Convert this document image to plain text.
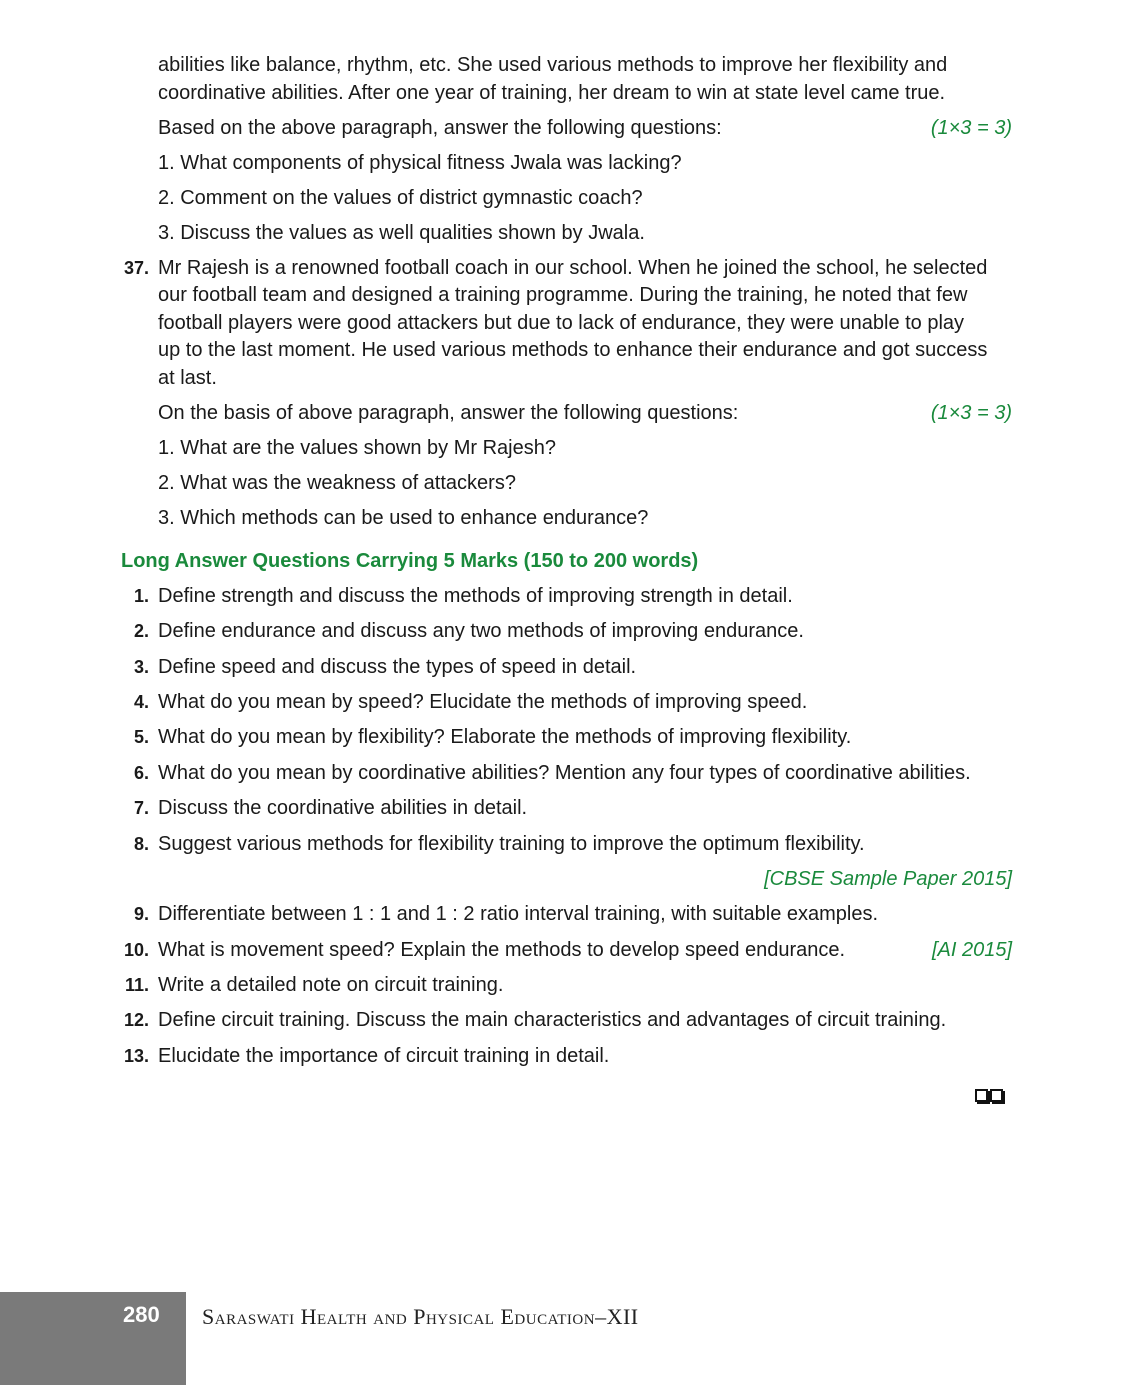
abilities like balance, rhythm, etc. She used various methods to improve her flexibility and
coordinative abilities. After one year of training, her dream to win at state level came true.
Based on the above paragraph, answer the following questions:	(1×3 = 3)
1. What components of physical fitness Jwala was lacking?
2. Comment on the values of district gymnastic coach?
3. Discuss the values as well qualities shown by Jwala.
37. Mr Rajesh is a renowned football coach in our school. When he joined the school, he selected
our football team and designed a training programme. During the training, he noted that few
football players were good attackers but due to lack of endurance, they were unable to play
up to the last moment. He used various methods to enhance their endurance and got success
at last.
On the basis of above paragraph, answer the following questions:	(1×3 = 3)
1. What are the values shown by Mr Rajesh?
2. What was the weakness of attackers?
3. Which methods can be used to enhance endurance?
Long Answer Questions Carrying 5 Marks (150 to 200 words)
1. Define strength and discuss the methods of improving strength in detail.
2. Define endurance and discuss any two methods of improving endurance.
3. Define speed and discuss the types of speed in detail.
4. What do you mean by speed? Elucidate the methods of improving speed.
5. What do you mean by flexibility? Elaborate the methods of improving flexibility.
6. What do you mean by coordinative abilities? Mention any four types of coordinative abilities.
7. Discuss the coordinative abilities in detail.
8. Suggest various methods for flexibility training to improve the optimum flexibility.
[CBSE Sample Paper 2015]
9. Differentiate between 1 : 1 and 1 : 2 ratio interval training, with suitable examples.
10. What is movement speed? Explain the methods to develop speed endurance.	[AI 2015]
11. Write a detailed note on circuit training.
12. Define circuit training. Discuss the main characteristics and advantages of circuit training.
13. Elucidate the importance of circuit training in detail.
280 Saraswati Health and Physical Education–XII
